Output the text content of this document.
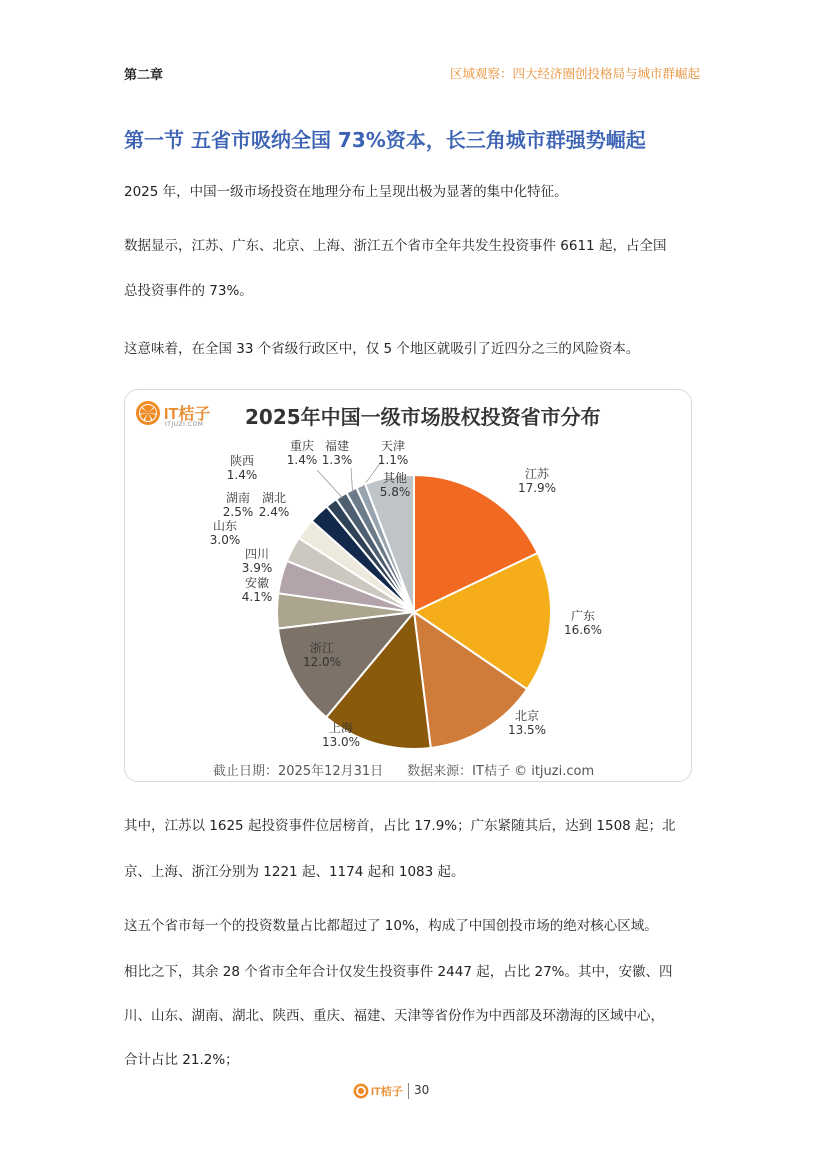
第二章	区域观察：四大经济圈创投格局与城市群崛起
第一节 五省市吸纳全国 73%资本，长三角城市群强势崛起
2025 年，中国一级市场投资在地理分布上呈现出极为显著的集中化特征。
数据显示，江苏、广东、北京、上海、浙江五个省市全年共发生投资事件 6611 起，占全国
总投资事件的 73%。
这意味着，在全国 33 个省级行政区中，仅 5 个地区就吸引了近四分之三的风险资本。
IT桔子
ITJUZI.COM 2025年中国一级市场股权投资省市分布
江苏
17.9%
广东
16.6%
北京
13.5%
上海
13.0%
浙江
12.0%
安徽
4.1%
四川
3.9%
山东
3.0%
湖南
2.5%
湖北
2.4%
陕西
1.4%
重庆
1.4%
福建
1.3%
天津
1.1%
其他
5.8%
截止日期：2025年12月31日 数据来源：IT桔子 © itjuzi.com
其中，江苏以 1625 起投资事件位居榜首，占比 17.9%；广东紧随其后，达到 1508 起；北
京、上海、浙江分别为 1221 起、1174 起和 1083 起。
这五个省市每一个的投资数量占比都超过了 10%，构成了中国创投市场的绝对核心区域。
相比之下，其余 28 个省市全年合计仅发生投资事件 2447 起，占比 27%。其中，安徽、四
川、山东、湖南、湖北、陕西、重庆、福建、天津等省份作为中西部及环渤海的区域中心，
合计占比 21.2%；
IT桔子 30
